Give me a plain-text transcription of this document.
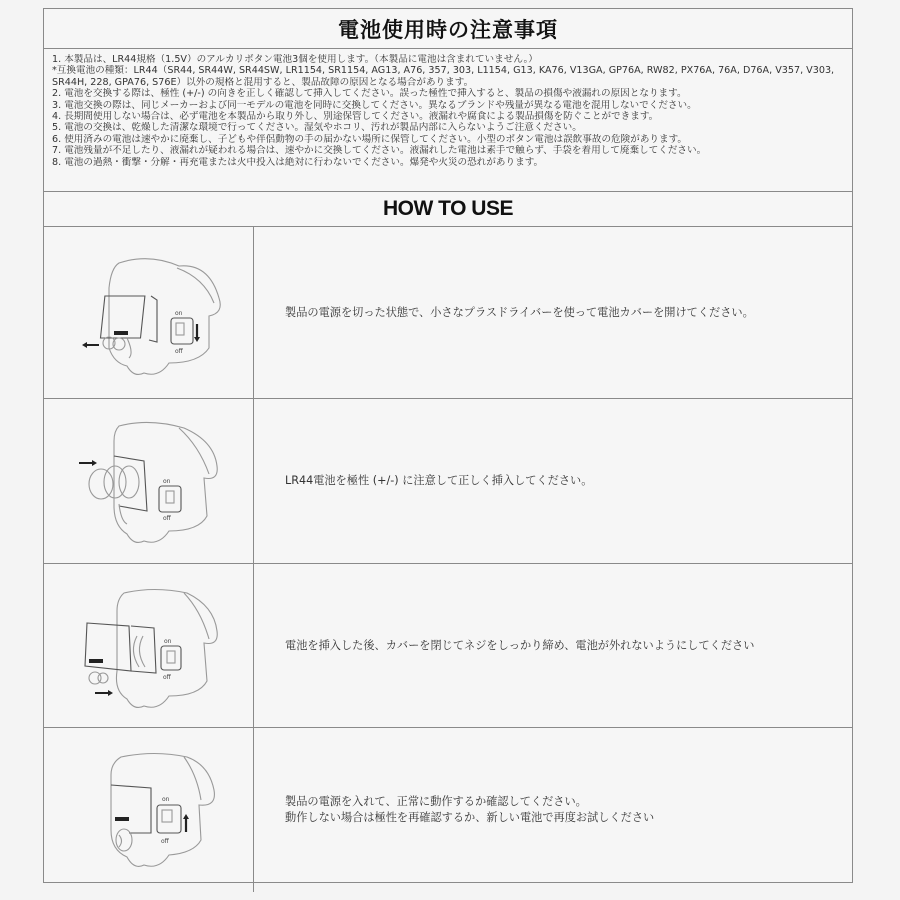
電池使用時の注意事項
1. 本製品は、LR44規格（1.5V）のアルカリボタン電池3個を使用します。（本製品に電池は含まれていません。）
*互換電池の種類：LR44（SR44, SR44W, SR44SW, LR1154, SR1154, AG13, A76, 357, 303, L1154, G13, KA76, V13GA, GP76A, RW82, PX76A, 76A, D76A, V357, V303,
SR44H, 228, GPA76, S76E）以外の規格と混用すると、製品故障の原因となる場合があります。
2. 電池を交換する際は、極性 (+/-) の向きを正しく確認して挿入してください。誤った極性で挿入すると、製品の損傷や液漏れの原因となります。
3. 電池交換の際は、同じメーカーおよび同一モデルの電池を同時に交換してください。異なるブランドや残量が異なる電池を混用しないでください。
4. 長期間使用しない場合は、必ず電池を本製品から取り外し、別途保管してください。液漏れや腐食による製品損傷を防ぐことができます。
5. 電池の交換は、乾燥した清潔な環境で行ってください。湿気やホコリ、汚れが製品内部に入らないようご注意ください。
6. 使用済みの電池は速やかに廃棄し、子どもや伴侶動物の手の届かない場所に保管してください。小型のボタン電池は誤飲事故の危険があります。
7. 電池残量が不足したり、液漏れが疑われる場合は、速やかに交換してください。液漏れした電池は素手で触らず、手袋を着用して廃棄してください。
8. 電池の過熱・衝撃・分解・再充電または火中投入は絶対に行わないでください。爆発や火災の恐れがあります。
HOW TO USE
on
off
製品の電源を切った状態で、小さなプラスドライバーを使って電池カバーを開けてください。
on
off
LR44電池を極性 (+/-) に注意して正しく挿入してください。
on
off
電池を挿入した後、カバーを閉じてネジをしっかり締め、電池が外れないようにしてください
on
off
製品の電源を入れて、正常に動作するか確認してください。
動作しない場合は極性を再確認するか、新しい電池で再度お試しください
